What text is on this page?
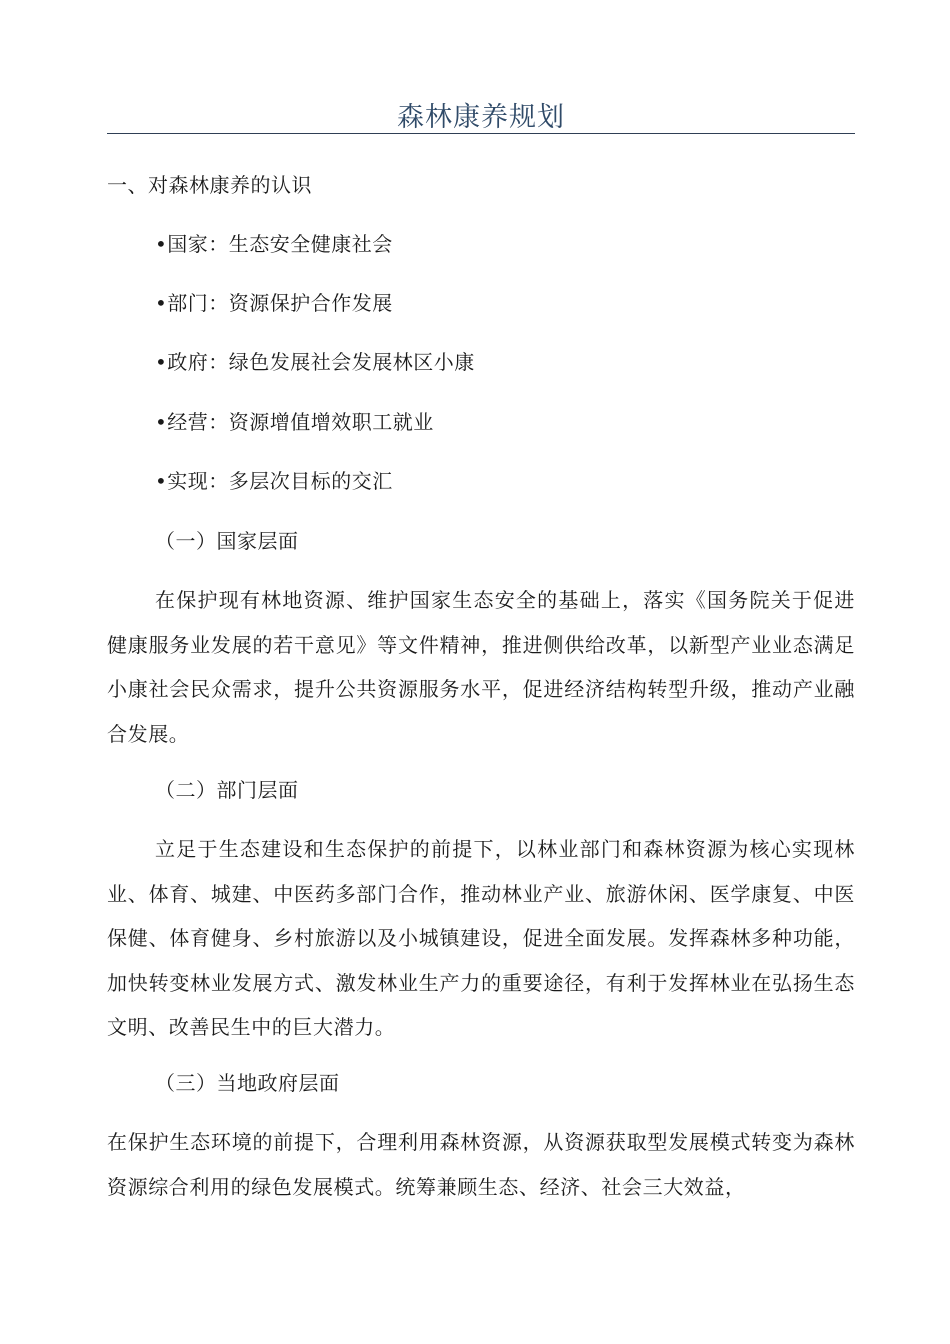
森林康养规划
一、对森林康养的认识
•国家：生态安全健康社会
•部门：资源保护合作发展
•政府：绿色发展社会发展林区小康
•经营：资源增值增效职工就业
•实现：多层次目标的交汇
（一）国家层面
在保护现有林地资源、维护国家生态安全的基础上，落实《国务院关于促进健康服务业发展的若干意见》等文件精神，推进侧供给改革，以新型产业业态满足小康社会民众需求，提升公共资源服务水平，促进经济结构转型升级，推动产业融合发展。
（二）部门层面
立足于生态建设和生态保护的前提下，以林业部门和森林资源为核心实现林业、体育、城建、中医药多部门合作，推动林业产业、旅游休闲、医学康复、中医保健、体育健身、乡村旅游以及小城镇建设，促进全面发展。发挥森林多种功能，加快转变林业发展方式、激发林业生产力的重要途径，有利于发挥林业在弘扬生态文明、改善民生中的巨大潜力。
（三）当地政府层面
在保护生态环境的前提下，合理利用森林资源，从资源获取型发展模式转变为森林资源综合利用的绿色发展模式。统筹兼顾生态、经济、社会三大效益，
